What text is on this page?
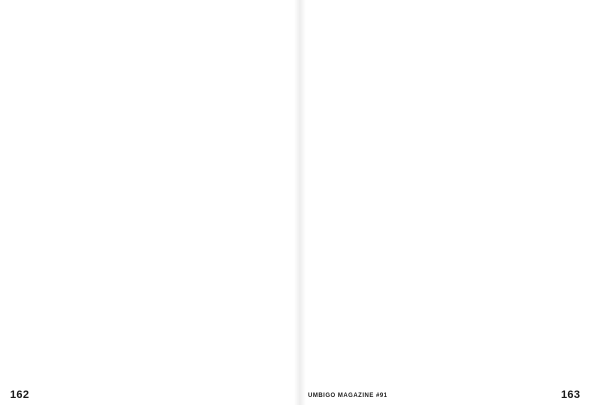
162	UMBIGO MAGAZINE #91	163
